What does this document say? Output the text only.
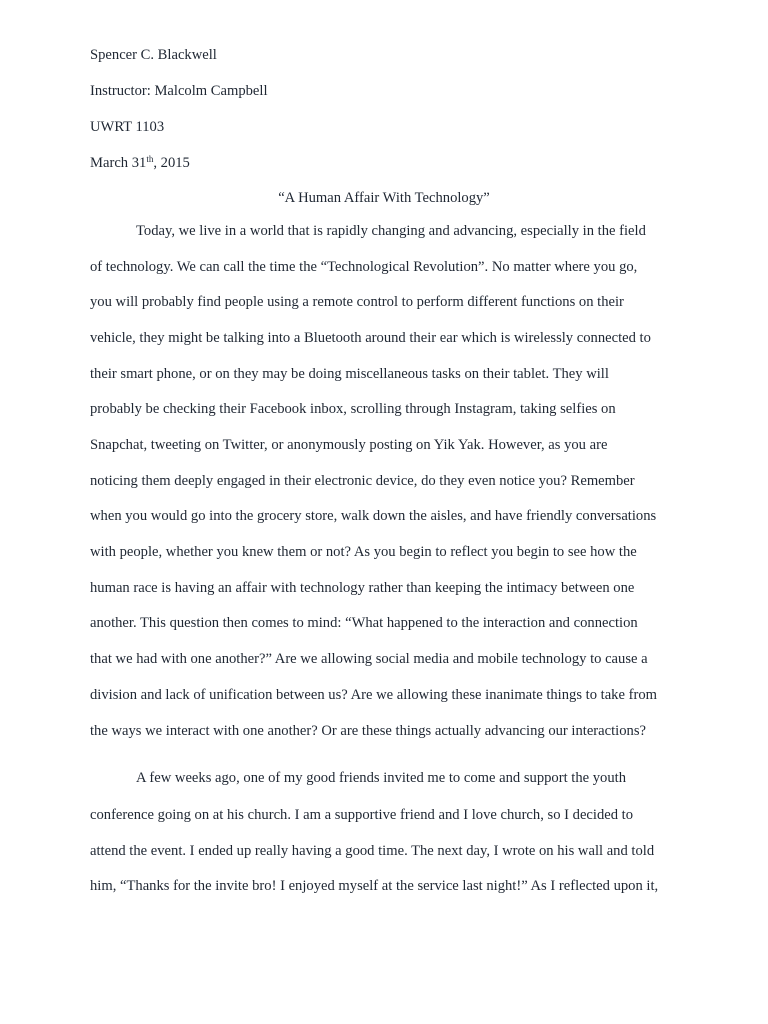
Spencer C. Blackwell
Instructor: Malcolm Campbell
UWRT 1103
March 31th, 2015
“A Human Affair With Technology”
Today, we live in a world that is rapidly changing and advancing, especially in the field
of technology. We can call the time the “Technological Revolution”. No matter where you go,
you will probably find people using a remote control to perform different functions on their
vehicle, they might be talking into a Bluetooth around their ear which is wirelessly connected to
their smart phone, or on they may be doing miscellaneous tasks on their tablet. They will
probably be checking their Facebook inbox, scrolling through Instagram, taking selfies on
Snapchat, tweeting on Twitter, or anonymously posting on Yik Yak. However, as you are
noticing them deeply engaged in their electronic device, do they even notice you? Remember
when you would go into the grocery store, walk down the aisles, and have friendly conversations
with people, whether you knew them or not? As you begin to reflect you begin to see how the
human race is having an affair with technology rather than keeping the intimacy between one
another. This question then comes to mind: “What happened to the interaction and connection
that we had with one another?” Are we allowing social media and mobile technology to cause a
division and lack of unification between us? Are we allowing these inanimate things to take from
the ways we interact with one another? Or are these things actually advancing our interactions?
A few weeks ago, one of my good friends invited me to come and support the youth
conference going on at his church. I am a supportive friend and I love church, so I decided to
attend the event. I ended up really having a good time. The next day, I wrote on his wall and told
him, “Thanks for the invite bro! I enjoyed myself at the service last night!” As I reflected upon it,
